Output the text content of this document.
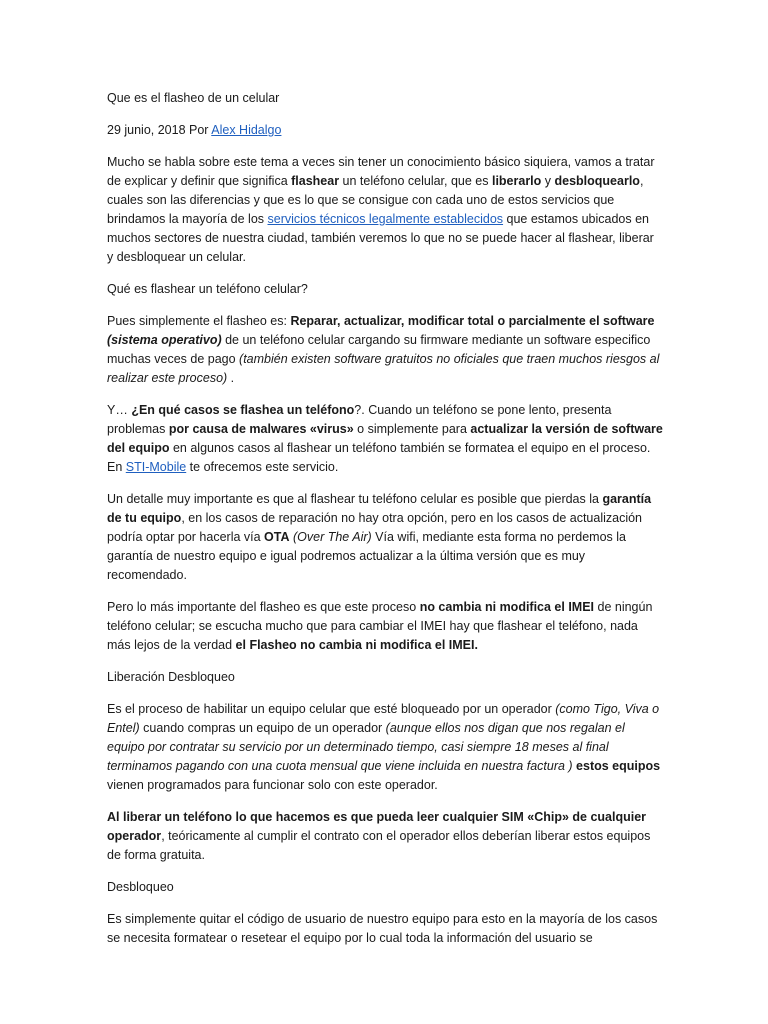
Que es el flasheo de un celular

29 junio, 2018 Por Alex Hidalgo

Mucho se habla sobre este tema a veces sin tener un conocimiento básico siquiera, vamos a tratar de explicar y definir que significa flashear un teléfono celular, que es liberarlo y desbloquearlo, cuales son las diferencias y que es lo que se consigue con cada uno de estos servicios que brindamos la mayoría de los servicios técnicos legalmente establecidos que estamos ubicados en muchos sectores de nuestra ciudad, también veremos lo que no se puede hacer al flashear, liberar y desbloquear un celular.

Qué es flashear un teléfono celular?

Pues simplemente el flasheo es: Reparar, actualizar, modificar total o parcialmente el software (sistema operativo) de un teléfono celular cargando su firmware mediante un software especifico muchas veces de pago (también existen software gratuitos no oficiales que traen muchos riesgos al realizar este proceso) .

Y… ¿En qué casos se flashea un teléfono?. Cuando un teléfono se pone lento, presenta problemas por causa de malwares «virus» o simplemente para actualizar la versión de software del equipo en algunos casos al flashear un teléfono también se formatea el equipo en el proceso. En STI-Mobile te ofrecemos este servicio.

Un detalle muy importante es que al flashear tu teléfono celular es posible que pierdas la garantía de tu equipo, en los casos de reparación no hay otra opción, pero en los casos de actualización podría optar por hacerla vía OTA (Over The Air) Vía wifi, mediante esta forma no perdemos la garantía de nuestro equipo e igual podremos actualizar a la última versión que es muy recomendado.

Pero lo más importante del flasheo es que este proceso no cambia ni modifica el IMEI de ningún teléfono celular; se escucha mucho que para cambiar el IMEI hay que flashear el teléfono, nada más lejos de la verdad el Flasheo no cambia ni modifica el IMEI.

Liberación Desbloqueo

Es el proceso de habilitar un equipo celular que esté bloqueado por un operador (como Tigo, Viva o Entel) cuando compras un equipo de un operador (aunque ellos nos digan que nos regalan el equipo por contratar su servicio por un determinado tiempo, casi siempre 18 meses al final terminamos pagando con una cuota mensual que viene incluida en nuestra factura ) estos equipos vienen programados para funcionar solo con este operador.

Al liberar un teléfono lo que hacemos es que pueda leer cualquier SIM «Chip» de cualquier operador, teóricamente al cumplir el contrato con el operador ellos deberían liberar estos equipos de forma gratuita.

Desbloqueo

Es simplemente quitar el código de usuario de nuestro equipo para esto en la mayoría de los casos se necesita formatear o resetear el equipo por lo cual toda la información del usuario se
